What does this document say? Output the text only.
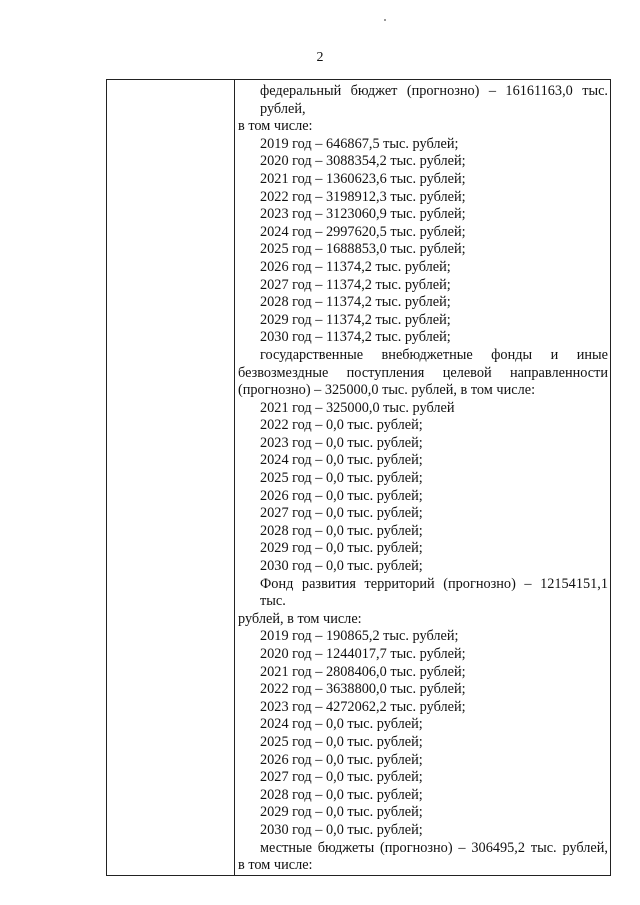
2

федеральный бюджет (прогнозно) – 16161163,0 тыс. рублей,
в том числе:
2019 год – 646867,5 тыс. рублей;
2020 год – 3088354,2 тыс. рублей;
2021 год – 1360623,6 тыс. рублей;
2022 год – 3198912,3 тыс. рублей;
2023 год – 3123060,9 тыс. рублей;
2024 год – 2997620,5 тыс. рублей;
2025 год – 1688853,0 тыс. рублей;
2026 год – 11374,2 тыс. рублей;
2027 год – 11374,2 тыс. рублей;
2028 год – 11374,2 тыс. рублей;
2029 год – 11374,2 тыс. рублей;
2030 год – 11374,2 тыс. рублей;
государственные внебюджетные фонды и иные
безвозмездные поступления целевой направленности
(прогнозно) – 325000,0 тыс. рублей, в том числе:
2021 год – 325000,0 тыс. рублей
2022 год – 0,0 тыс. рублей;
2023 год – 0,0 тыс. рублей;
2024 год – 0,0 тыс. рублей;
2025 год – 0,0 тыс. рублей;
2026 год – 0,0 тыс. рублей;
2027 год – 0,0 тыс. рублей;
2028 год – 0,0 тыс. рублей;
2029 год – 0,0 тыс. рублей;
2030 год – 0,0 тыс. рублей;
Фонд развития территорий (прогнозно) – 12154151,1 тыс.
рублей, в том числе:
2019 год – 190865,2 тыс. рублей;
2020 год – 1244017,7 тыс. рублей;
2021 год – 2808406,0 тыс. рублей;
2022 год – 3638800,0 тыс. рублей;
2023 год – 4272062,2 тыс. рублей;
2024 год – 0,0 тыс. рублей;
2025 год – 0,0 тыс. рублей;
2026 год – 0,0 тыс. рублей;
2027 год – 0,0 тыс. рублей;
2028 год – 0,0 тыс. рублей;
2029 год – 0,0 тыс. рублей;
2030 год – 0,0 тыс. рублей;
местные бюджеты (прогнозно) – 306495,2 тыс. рублей,
в том числе:
